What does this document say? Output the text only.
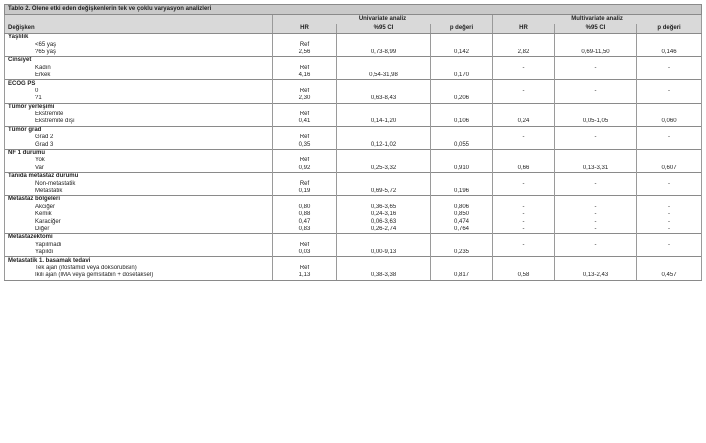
Tablo 2. Ölene etki eden değişkenlerin tek ve çoklu varyasyon analizleri						
	Univariate analiz			Multivariate analiz		
Değişken	HR	%95 CI	p değeri	HR	%95 CI	p değeri
Yaşlılık						
<65 yaş	Ref					
?65 yaş	2,56	0,73-8,99	0,142	2,82	0,69-11,50	0,146
Cinsiyet						
Kadın	Ref			-	-	-
Erkek	4,16	0,54-31,98	0,170			
ECOG PS						
0	Ref			-	-	-
?1	2,30	0,63-8,43	0,206			
Tümör yerleşimi						
Ekstremite	Ref					
Ekstremite dışı	0,41	0,14-1,20	0,106	0,24	0,05-1,05	0,060
Tümör grad						
Grad 2	Ref			-	-	-
Grad 3	0,35	0,12-1,02	0,055			
NF 1 durumu						
Yok	Ref					
Var	0,92	0,25-3,32	0,910	0,66	0,13-3,31	0,607
Tanıda metastaz durumu						
Non-metastatik	Ref			-	-	-
Metastatik	0,19	0,69-5,72	0,196			
Metastaz bölgeleri						
Akciğer	0,80	0,36-3,65	0,806	-	-	-
Kemik	0,88	0,24-3,16	0,850	-	-	-
Karaciğer	0,47	0,06-3,63	0,474	-	-	-
Diğer	0,83	0,26-2,74	0,764	-	-	-
Metastazektomi						
Yapılmadı	Ref			-	-	-
Yapıldı	0,03	0,00-9,13	0,235			
Metastatik 1. basamak tedavi						
Tek ajan (ifosfamid veya doksorubisin)	Ref					
İkili ajan (İMA veya gemsitabin + dosetaksel)	1,13	0,38-3,38	0,817	0,58	0,13-2,43	0,457
